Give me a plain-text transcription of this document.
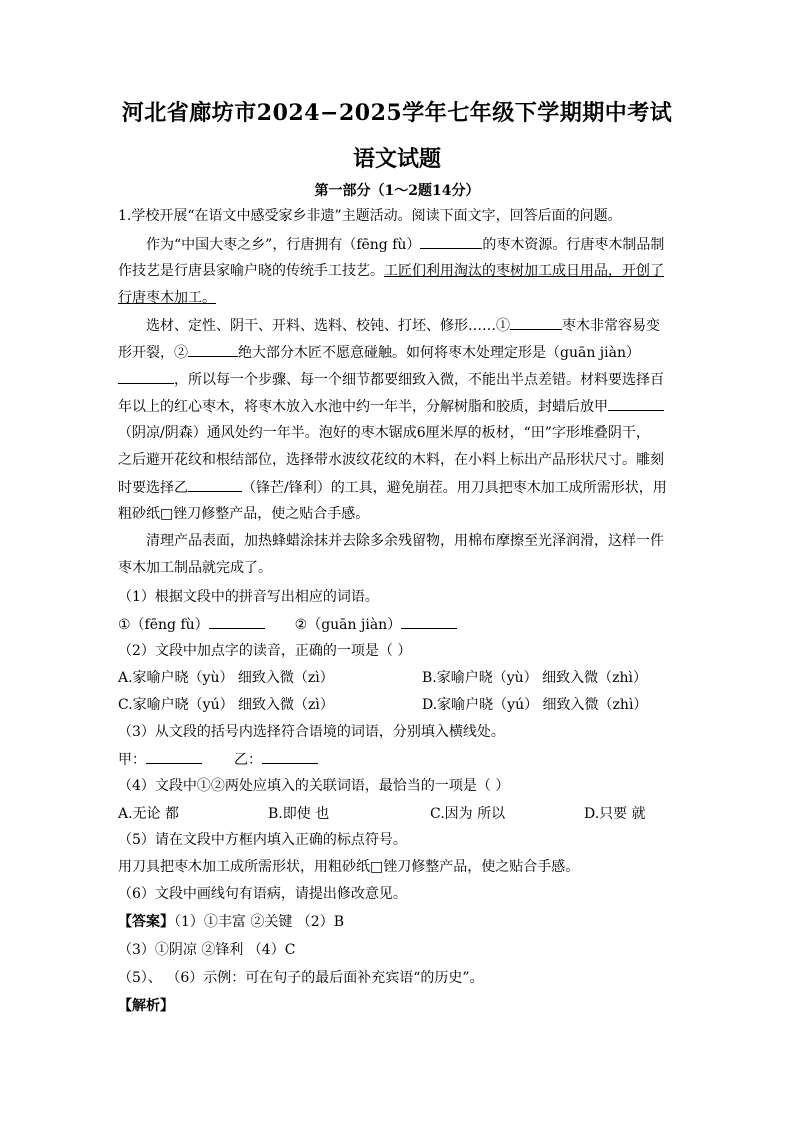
河北省廊坊市2024−2025学年七年级下学期期中考试
语文试题
第一部分（1～2题14分）
1.学校开展“在语文中感受家乡非遗”主题活动。阅读下面文字，回答后面的问题。
作为“中国大枣之乡”，行唐拥有（fēng fù）	的枣木资源。行唐枣木制品制
作技艺是行唐县家喻户晓的传统手工技艺。工匠们利用淘汰的枣树加工成日用品，开创了
行唐枣木加工。
选材、定性、阴干、开料、选料、校钝、打坯、修形……①	枣木非常容易变
形开裂，②	绝大部分木匠不愿意碰触。如何将枣木处理定形是（guān jiàn）
，所以每一个步骤、每一个细节都要细致入微，不能出半点差错。材料要选择百
年以上的红心枣木，将枣木放入水池中约一年半，分解树脂和胶质，封蜡后放甲
（阴凉/阴森）通风处约一年半。泡好的枣木锯成6厘米厚的板材，“田”字形堆叠阴干，
之后避开花纹和根结部位，选择带水波纹花纹的木料，在小料上标出产品形状尺寸。雕刻
时要选择乙	（锋芒/锋利）的工具，避免崩茬。用刀具把枣木加工成所需形状，用
粗砂纸□锉刀修整产品，使之贴合手感。
清理产品表面，加热蜂蜡涂抹并去除多余残留物，用棉布摩擦至光泽润滑，这样一件
枣木加工制品就完成了。
（1）根据文段中的拼音写出相应的词语。
①（fēng fù）	②（guān jiàn）
（2）文段中加点字的读音，正确的一项是（ ）
A.家喻户晓（yù） 细致入微（zì）	B.家喻户晓（yù） 细致入微（zhì）
C.家喻户晓（yú） 细致入微（zì）	D.家喻户晓（yú） 细致入微（zhì）
（3）从文段的括号内选择符合语境的词语，分别填入横线处。
甲：	乙：
（4）文段中①②两处应填入的关联词语，最恰当的一项是（ ）
A.无论 都	B.即使 也	C.因为 所以	D.只要 就
（5）请在文段中方框内填入正确的标点符号。
用刀具把枣木加工成所需形状，用粗砂纸□锉刀修整产品，使之贴合手感。
（6）文段中画线句有语病，请提出修改意见。
【答案】（1）①丰富 ②关键 （2）B
（3）①阴凉 ②锋利 （4）C
（5）、 （6）示例：可在句子的最后面补充宾语“的历史”。
【解析】
